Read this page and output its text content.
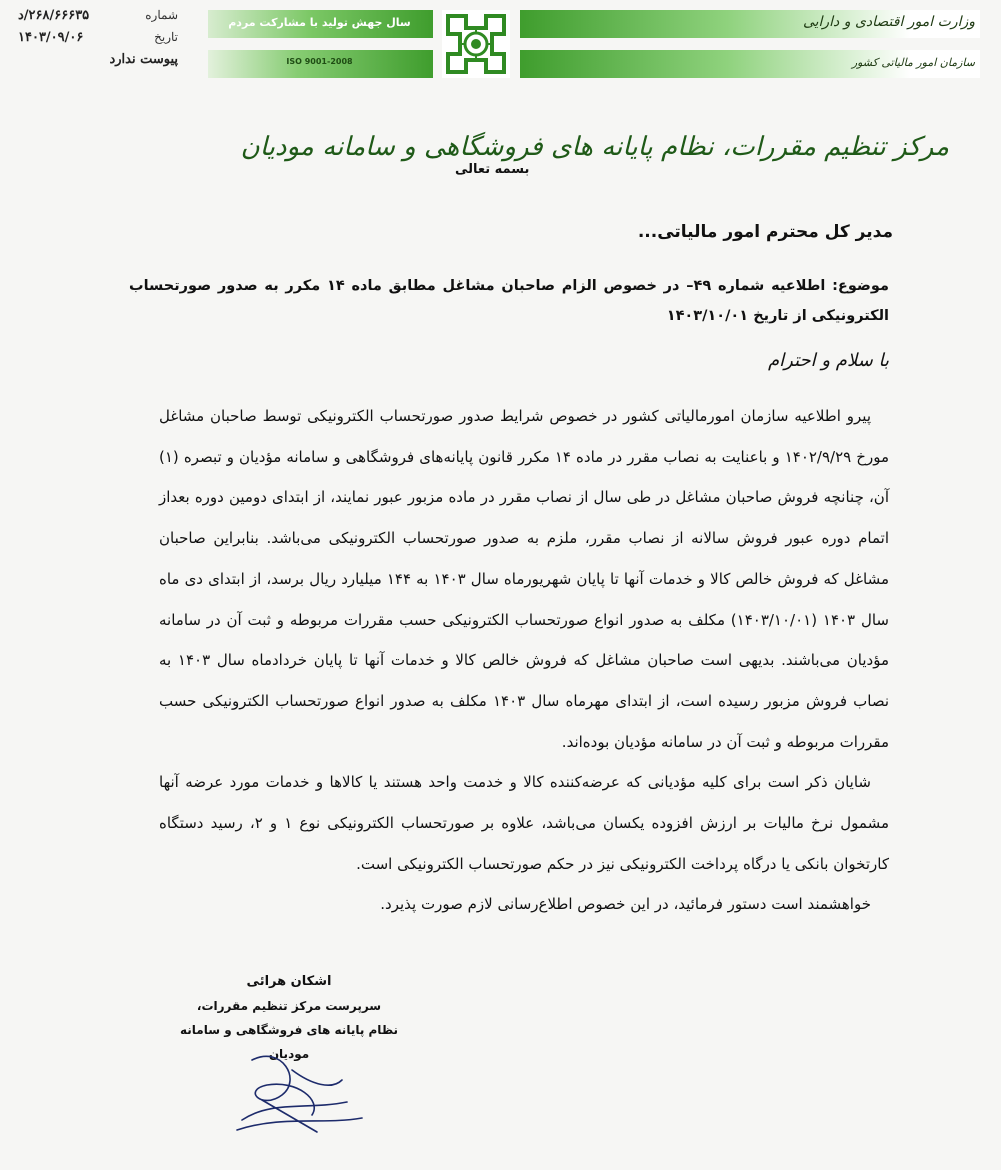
شماره
۲۶۸/۶۶۶۳۵/د
تاریخ
۱۴۰۳/۰۹/۰۶
پیوست ندارد
سال جهش تولید با مشارکت مردم
ISO 9001-2008
وزارت امور اقتصادی و دارایی
سازمان امور مالیاتی کشور
مرکز تنظیم مقررات، نظام پایانه های فروشگاهی و سامانه مودیان
بسمه تعالی
مدیر کل محترم امور مالیاتی...
موضوع: اطلاعیه شماره ۴۹– در خصوص الزام صاحبان مشاغل مطابق ماده ۱۴ مکرر به صدور صورتحساب الکترونیکی از تاریخ ۱۴۰۳/۱۰/۰۱
با سلام و احترام

پیرو اطلاعیه سازمان امورمالیاتی کشور در خصوص شرایط صدور صورتحساب الکترونیکی توسط صاحبان مشاغل مورخ ۱۴۰۲/۹/۲۹ و باعنایت به نصاب مقرر در ماده ۱۴ مکرر قانون پایانه‌های فروشگاهی و سامانه مؤدیان و تبصره (۱) آن، چنانچه فروش صاحبان مشاغل در طی سال از نصاب مقرر در ماده مزبور عبور نمایند، از ابتدای دومین دوره بعداز اتمام دوره عبور فروش سالانه از نصاب مقرر، ملزم به صدور صورتحساب الکترونیکی می‌باشد. بنابراین صاحبان مشاغل که فروش خالص کالا و خدمات آنها تا پایان شهریورماه سال ۱۴۰۳ به ۱۴۴ میلیارد ریال برسد، از ابتدای دی ماه سال ۱۴۰۳ (۱۴۰۳/۱۰/۰۱) مکلف به صدور انواع صورتحساب الکترونیکی حسب مقررات مربوطه و ثبت آن در سامانه مؤدیان می‌باشند. بدیهی است صاحبان مشاغل که فروش خالص کالا و خدمات آنها تا پایان خردادماه سال ۱۴۰۳ به نصاب فروش مزبور رسیده است، از ابتدای مهرماه سال ۱۴۰۳ مکلف به صدور انواع صورتحساب الکترونیکی حسب مقررات مربوطه و ثبت آن در سامانه مؤدیان بوده‌اند.

شایان ذکر است برای کلیه مؤدیانی که عرضه‌کننده کالا و خدمت واحد هستند یا کالاها و خدمات مورد عرضه آنها مشمول نرخ مالیات بر ارزش افزوده یکسان می‌باشد، علاوه بر صورتحساب الکترونیکی نوع ۱ و ۲، رسید دستگاه کارتخوان بانکی یا درگاه پرداخت الکترونیکی نیز در حکم صورتحساب الکترونیکی است.

خواهشمند است دستور فرمائید، در این خصوص اطلاع‌رسانی لازم صورت پذیرد.

اشکان هرائی
سرپرست مرکز تنظیم مقررات،
نظام پایانه های فروشگاهی و سامانه مودیان
